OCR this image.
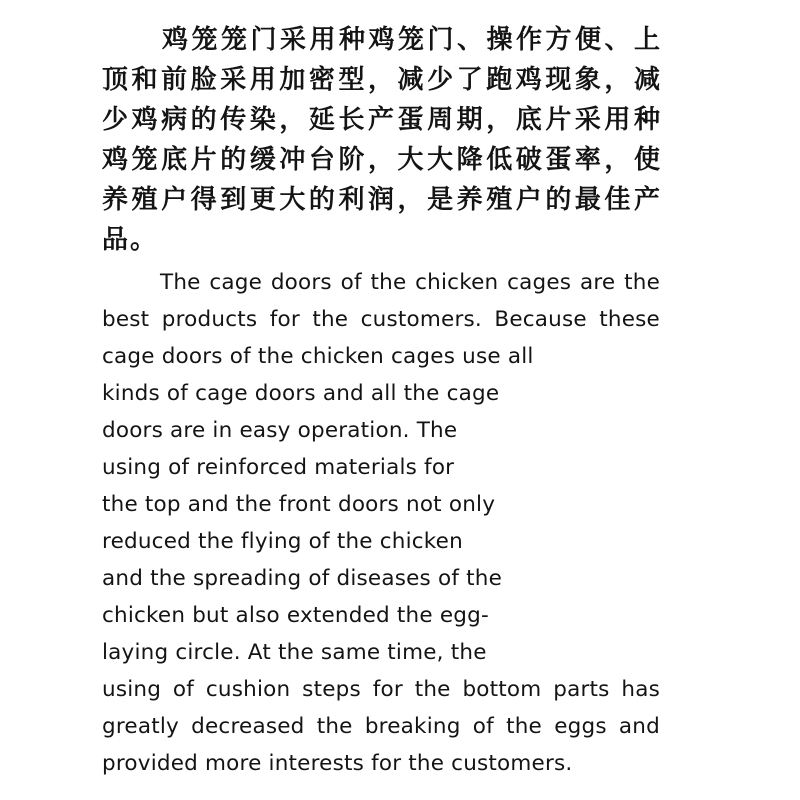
鸡笼笼门采用种鸡笼门、操作方便、上
顶和前脸采用加密型，减少了跑鸡现象，减
少鸡病的传染，延长产蛋周期，底片采用种
鸡笼底片的缓冲台阶，大大降低破蛋率，使
养殖户得到更大的利润，是养殖户的最佳产
品。
The cage doors of the chicken cages are the
best products for the customers. Because these
cage doors of the chicken cages use all
kinds of cage doors and all the cage
doors are in easy operation. The
using of reinforced materials for
the top and the front doors not only
reduced the flying of the chicken
and the spreading of diseases of the
chicken but also extended the egg-
laying circle. At the same time, the
using of cushion steps for the bottom parts has
greatly decreased the breaking of the eggs and
provided more interests for the customers.
